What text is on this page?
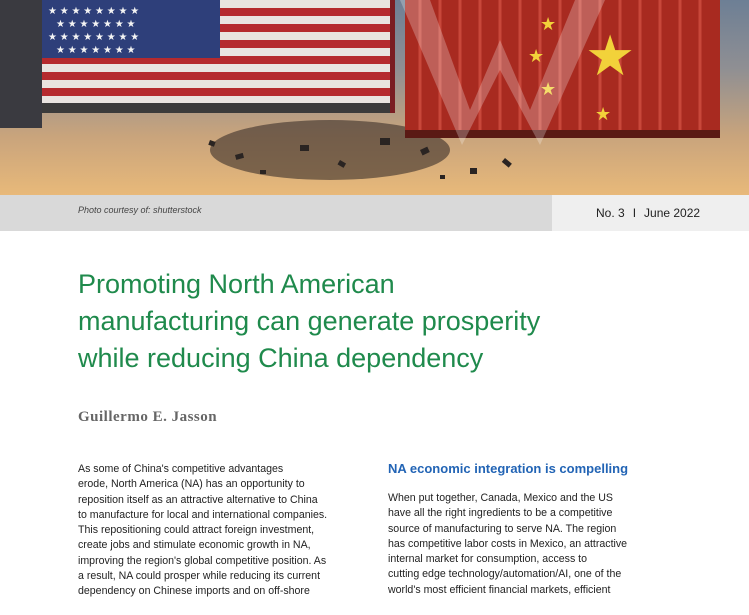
★ ★ ★ ★ ★ ★ ★ ★
★ ★ ★ ★ ★ ★ ★
★ ★ ★ ★ ★ ★ ★ ★
★ ★ ★ ★ ★ ★ ★	★
★
★
★
★
Photo courtesy of: shutterstock	No. 3 I June 2022
Promoting North American
manufacturing can generate prosperity
while reducing China dependency
Guillermo E. Jasson

As some of China's competitive advantages

erode, North America (NA) has an opportunity to

reposition itself as an attractive alternative to China

to manufacture for local and international companies.

This repositioning could attract foreign investment,

create jobs and stimulate economic growth in NA,

improving the region's global competitive position. As

a result, NA could prosper while reducing its current

dependency on Chinese imports and on off-shore

NA economic integration is compelling

When put together, Canada, Mexico and the US

have all the right ingredients to be a competitive

source of manufacturing to serve NA. The region

has competitive labor costs in Mexico, an attractive

internal market for consumption, access to

cutting edge technology/automation/AI, one of the

world's most efficient financial markets, efficient
